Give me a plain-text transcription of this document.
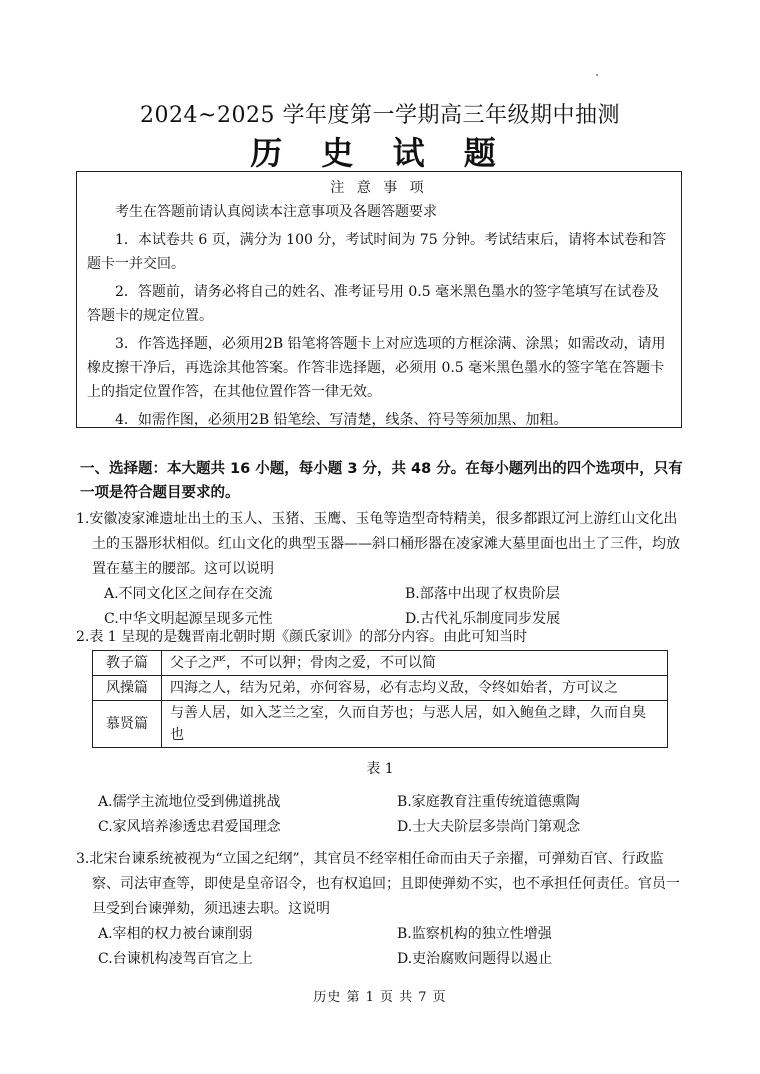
2024~2025 学年度第一学期高三年级期中抽测
历 史 试 题
注 意 事 项

考生在答题前请认真阅读本注意事项及各题答题要求

1．本试卷共 6 页，满分为 100 分，考试时间为 75 分钟。考试结束后，请将本试卷和答题卡一并交回。

2．答题前，请务必将自己的姓名、准考证号用 0.5 毫米黑色墨水的签字笔填写在试卷及答题卡的规定位置。

3．作答选择题，必须用2B 铅笔将答题卡上对应选项的方框涂满、涂黑；如需改动，请用橡皮擦干净后，再选涂其他答案。作答非选择题，必须用 0.5 毫米黑色墨水的签字笔在答题卡上的指定位置作答，在其他位置作答一律无效。

4．如需作图，必须用2B 铅笔绘、写清楚，线条、符号等须加黑、加粗。

一、选择题：本大题共 16 小题，每小题 3 分，共 48 分。在每小题列出的四个选项中，只有一项是符合题目要求的。
1.安徽凌家滩遗址出土的玉人、玉猪、玉鹰、玉龟等造型奇特精美，很多都跟辽河上游红山文化出土的玉器形状相似。红山文化的典型玉器——斜口桶形器在凌家滩大墓里面也出土了三件，均放置在墓主的腰部。这可以说明
A.不同文化区之间存在交流	B.部落中出现了权贵阶层
C.中华文明起源呈现多元性	D.古代礼乐制度同步发展
2.表 1 呈现的是魏晋南北朝时期《颜氏家训》的部分内容。由此可知当时
教子篇	父子之严，不可以狎；骨肉之爱，不可以简
风操篇	四海之人，结为兄弟，亦何容易，必有志均义敌，令终如始者，方可议之
慕贤篇	与善人居，如入芝兰之室，久而自芳也；与恶人居，如入鲍鱼之肆，久而自臭也
表 1
A.儒学主流地位受到佛道挑战	B.家庭教育注重传统道德熏陶
C.家风培养渗透忠君爱国理念	D.士大夫阶层多崇尚门第观念
3.北宋台谏系统被视为“立国之纪纲”，其官员不经宰相任命而由天子亲擢，可弹劾百官、行政监察、司法审查等，即使是皇帝诏令，也有权追回；且即使弹劾不实，也不承担任何责任。官员一旦受到台谏弹劾，须迅速去职。这说明
A.宰相的权力被台谏削弱	B.监察机构的独立性增强
C.台谏机构凌驾百官之上	D.吏治腐败问题得以遏止
历史 第 1 页 共 7 页
